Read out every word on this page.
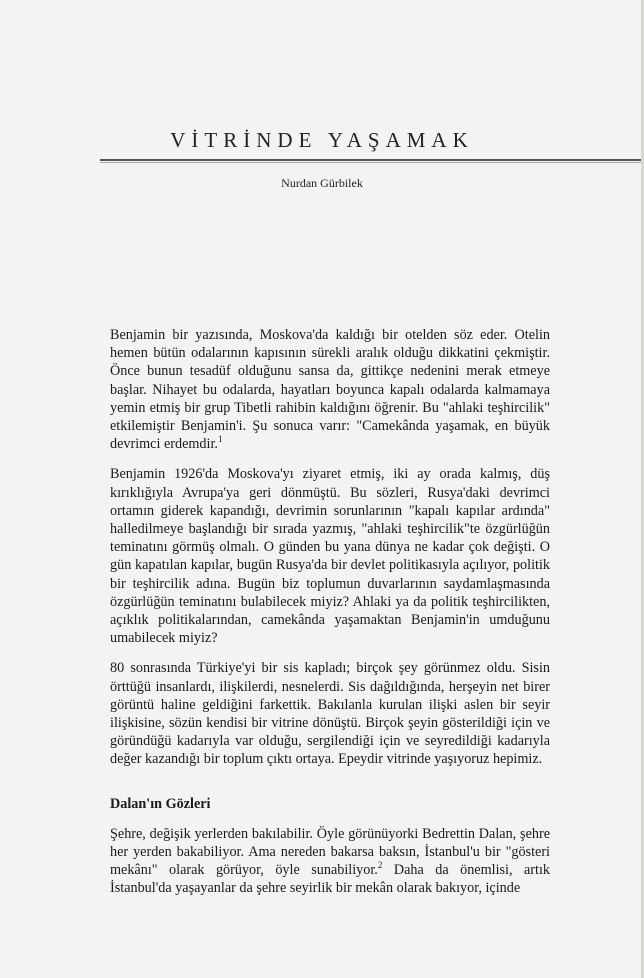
VİTRİNDE YAŞAMAK
Nurdan Gürbilek

Benjamin bir yazısında, Moskova'da kaldığı bir otelden söz eder. Otelin hemen bütün odalarının kapısının sürekli aralık olduğu dikkatini çekmiştir. Önce bunun tesadüf olduğunu sansa da, gittikçe nedenini merak etmeye başlar. Nihayet bu odalarda, hayatları boyunca kapalı odalarda kalmamaya yemin etmiş bir grup Tibetli rahibin kaldığını öğrenir. Bu "ahlaki teşhircilik" etkilemiştir Benjamin'i. Şu sonuca varır: "Camekânda yaşamak, en büyük devrimci erdemdir.$^1$

Benjamin 1926'da Moskova'yı ziyaret etmiş, iki ay orada kalmış, düş kırıklığıyla Avrupa'ya geri dönmüştü. Bu sözleri, Rusya'daki devrimci ortamın giderek kapandığı, devrimin sorunlarının "kapalı kapılar ardında" halledilmeye başlandığı bir sırada yazmış, "ahlaki teşhircilik"te özgürlüğün teminatını görmüş olmalı. O günden bu yana dünya ne kadar çok değişti. O gün kapatılan kapılar, bugün Rusya'da bir devlet politikasıyla açılıyor, politik bir teşhircilik adına. Bugün biz toplumun duvarlarının saydamlaşmasında özgürlüğün teminatını bulabilecek miyiz? Ahlaki ya da politik teşhircilikten, açıklık politikalarından, camekânda yaşamaktan Benjamin'in umduğunu umabilecek miyiz?

80 sonrasında Türkiye'yi bir sis kapladı; birçok şey görünmez oldu. Sisin örttüğü insanlardı, ilişkilerdi, nesnelerdi. Sis dağıldığında, herşeyin net birer görüntü haline geldiğini farkettik. Bakılanla kurulan ilişki aslen bir seyir ilişkisine, sözün kendisi bir vitrine dönüştü. Birçok şeyin gösterildiği için ve göründüğü kadarıyla var olduğu, sergilendiği için ve seyredildiği kadarıyla değer kazandığı bir toplum çıktı ortaya. Epeydir vitrinde yaşıyoruz hepimiz.

Dalan'ın Gözleri

Şehre, değişik yerlerden bakılabilir. Öyle görünüyorki Bedrettin Dalan, şehre her yerden bakabiliyor. Ama nereden bakarsa baksın, İstanbul'u bir "gösteri mekânı" olarak görüyor, öyle sunabiliyor.$^2$ Daha da önemlisi, artık İstanbul'da yaşayanlar da şehre seyirlik bir mekân olarak bakıyor, içinde
